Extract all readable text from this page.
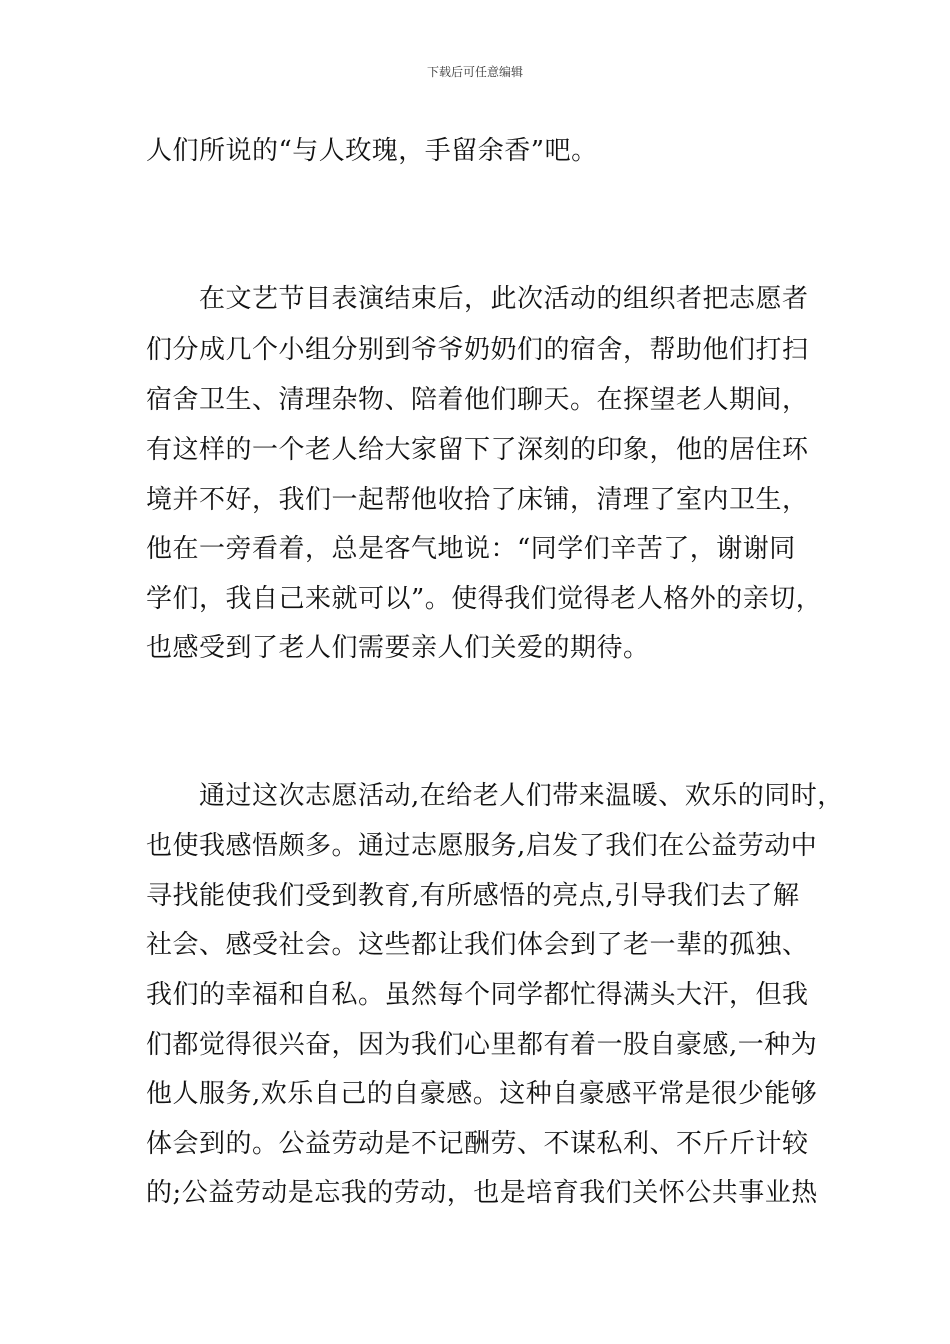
下载后可任意编辑
人们所说的“与人玫瑰，手留余香”吧。
　　在文艺节目表演结束后，此次活动的组织者把志愿者
们分成几个小组分别到爷爷奶奶们的宿舍，帮助他们打扫
宿舍卫生、清理杂物、陪着他们聊天。在探望老人期间，
有这样的一个老人给大家留下了深刻的印象，他的居住环
境并不好，我们一起帮他收拾了床铺，清理了室内卫生，
他在一旁看着，总是客气地说：“同学们辛苦了，谢谢同
学们，我自己来就可以”。使得我们觉得老人格外的亲切，
也感受到了老人们需要亲人们关爱的期待。
　　通过这次志愿活动,在给老人们带来温暖、欢乐的同时，
也使我感悟颇多。通过志愿服务,启发了我们在公益劳动中
寻找能使我们受到教育,有所感悟的亮点,引导我们去了解
社会、感受社会。这些都让我们体会到了老一辈的孤独、
我们的幸福和自私。虽然每个同学都忙得满头大汗，但我
们都觉得很兴奋，因为我们心里都有着一股自豪感,一种为
他人服务,欢乐自己的自豪感。这种自豪感平常是很少能够
体会到的。公益劳动是不记酬劳、不谋私利、不斤斤计较
的;公益劳动是忘我的劳动，也是培育我们关怀公共事业热
